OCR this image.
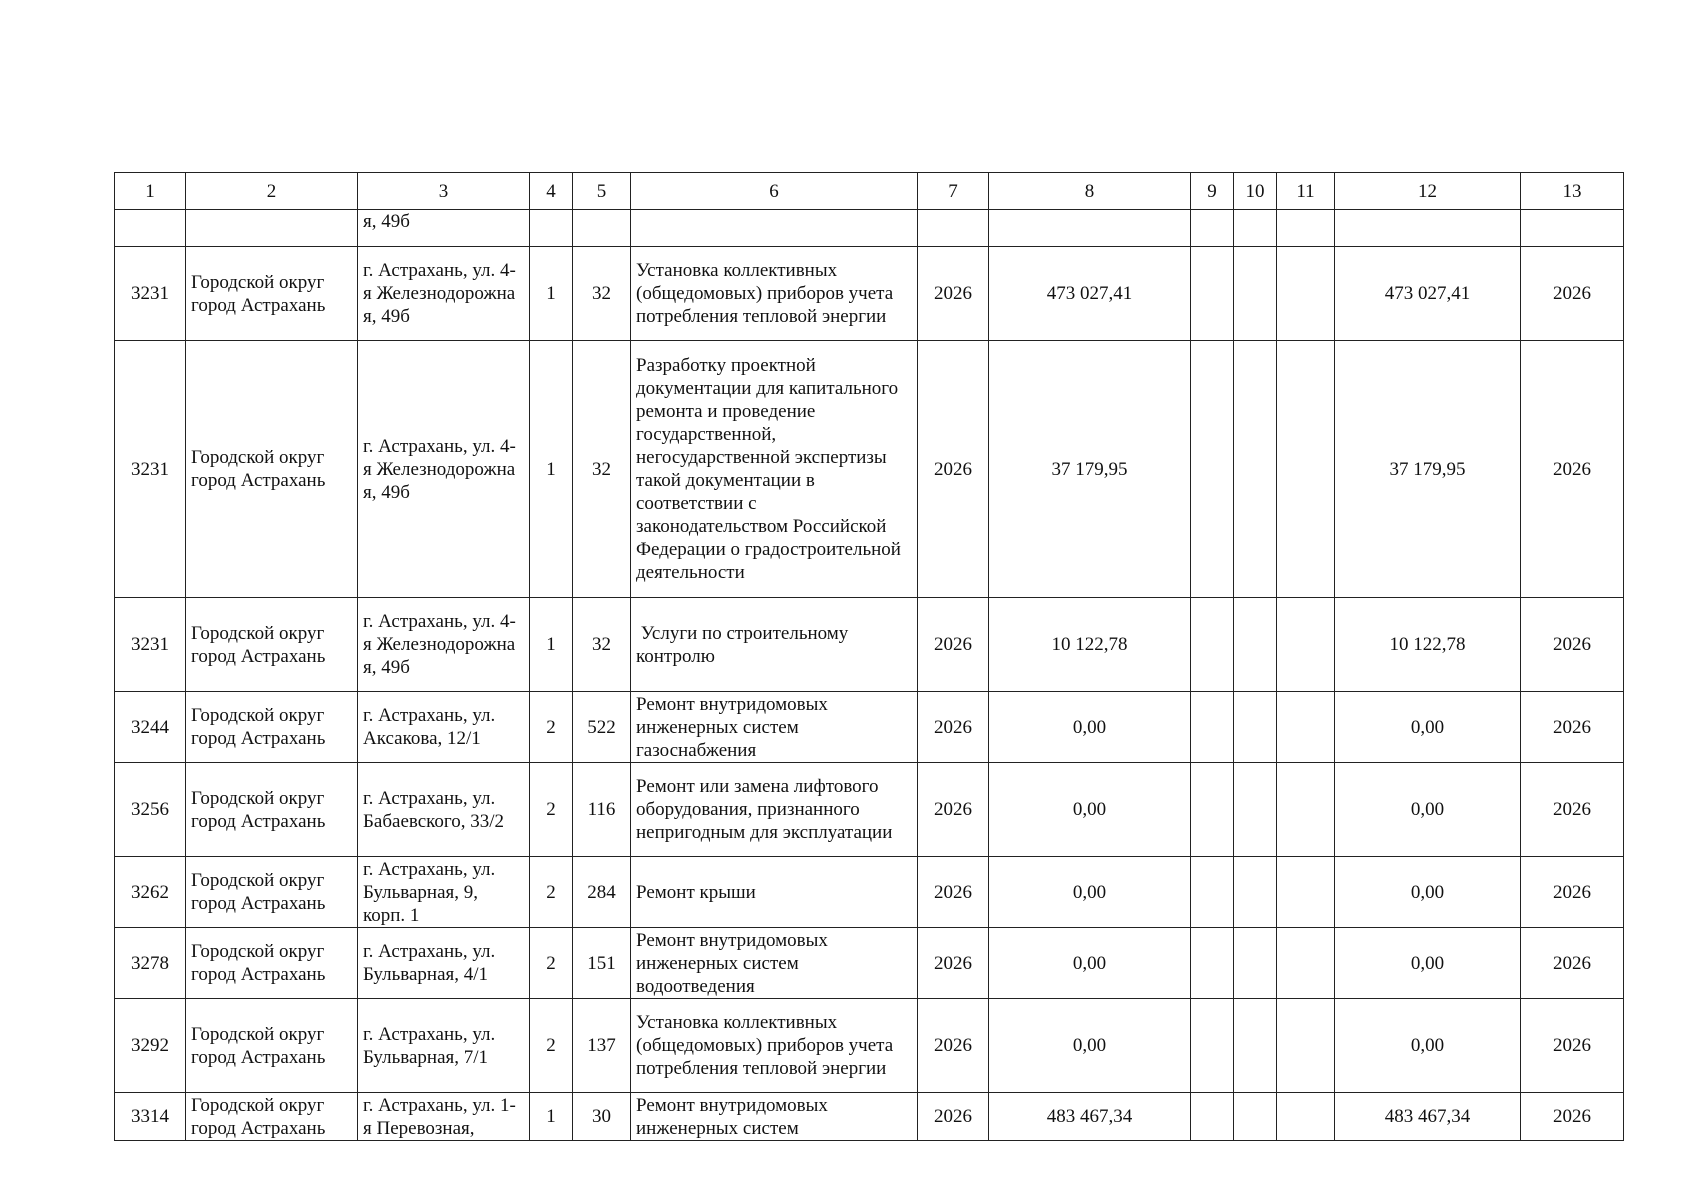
1	2	3	4	5	6	7	8	9	10	11	12	13
		я, 49б										
3231	Городской округ город Астрахань	г. Астрахань, ул. 4-я Железнодорожна я, 49б	1	32	Установка коллективных (общедомовых) приборов учета потребления тепловой энергии	2026	473 027,41				473 027,41	2026
3231	Городской округ город Астрахань	г. Астрахань, ул. 4-я Железнодорожна я, 49б	1	32	Разработку проектной документации для капитального ремонта и проведение государственной, негосударственной экспертизы такой документации в соответствии с законодательством Российской Федерации о градостроительной деятельности	2026	37 179,95				37 179,95	2026
3231	Городской округ город Астрахань	г. Астрахань, ул. 4-я Железнодорожна я, 49б	1	32	Услуги по строительному контролю	2026	10 122,78				10 122,78	2026
3244	Городской округ город Астрахань	г. Астрахань, ул. Аксакова, 12/1	2	522	Ремонт внутридомовых инженерных систем газоснабжения	2026	0,00				0,00	2026
3256	Городской округ город Астрахань	г. Астрахань, ул. Бабаевского, 33/2	2	116	Ремонт или замена лифтового оборудования, признанного непригодным для эксплуатации	2026	0,00				0,00	2026
3262	Городской округ город Астрахань	г. Астрахань, ул. Бульварная, 9, корп. 1	2	284	Ремонт крыши	2026	0,00				0,00	2026
3278	Городской округ город Астрахань	г. Астрахань, ул. Бульварная, 4/1	2	151	Ремонт внутридомовых инженерных систем водоотведения	2026	0,00				0,00	2026
3292	Городской округ город Астрахань	г. Астрахань, ул. Бульварная, 7/1	2	137	Установка коллективных (общедомовых) приборов учета потребления тепловой энергии	2026	0,00				0,00	2026
3314	Городской округ город Астрахань	г. Астрахань, ул. 1-я Перевозная,	1	30	Ремонт внутридомовых инженерных систем	2026	483 467,34				483 467,34	2026
